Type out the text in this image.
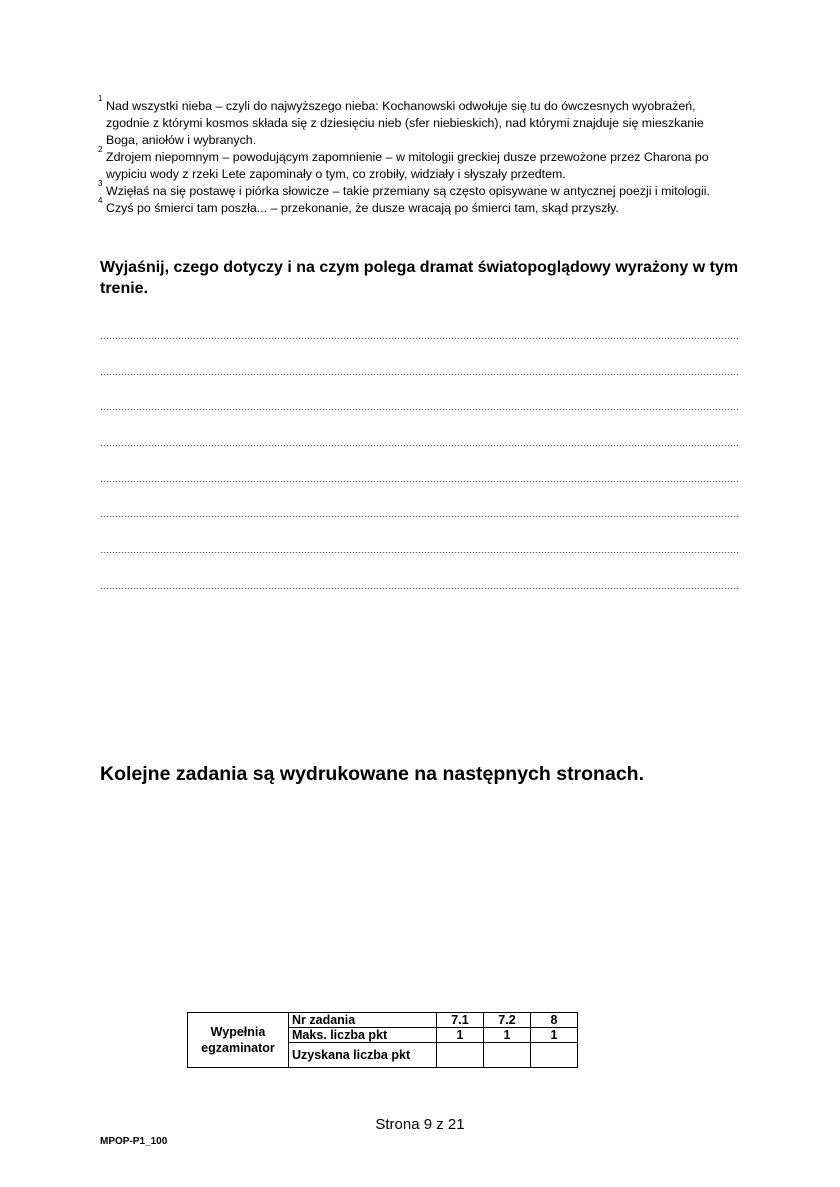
1
Nad wszystki nieba – czyli do najwyższego nieba: Kochanowski odwołuje się tu do ówczesnych wyobrażeń, zgodnie z którymi kosmos składa się z dziesięciu nieb (sfer niebieskich), nad którymi znajduje się mieszkanie Boga, aniołów i wybranych.
2
Zdrojem niepomnym – powodującym zapomnienie – w mitologii greckiej dusze przewożone przez Charona po wypiciu wody z rzeki Lete zapominały o tym, co zrobiły, widziały i słyszały przedtem.
3
Wzięłaś na się postawę i piórka słowicze – takie przemiany są często opisywane w antycznej poezji i mitologii.
4
Czyś po śmierci tam poszła... – przekonanie, że dusze wracają po śmierci tam, skąd przyszły.
Wyjaśnij, czego dotyczy i na czym polega dramat światopoglądowy wyrażony w tym trenie.
Kolejne zadania są wydrukowane na następnych stronach.
Wypełnia egzaminator	Nr zadania	7.1	7.2	8
	Maks. liczba pkt	1	1	1
	Uzyskana liczba pkt			
Strona 9 z 21
MPOP-P1_100
